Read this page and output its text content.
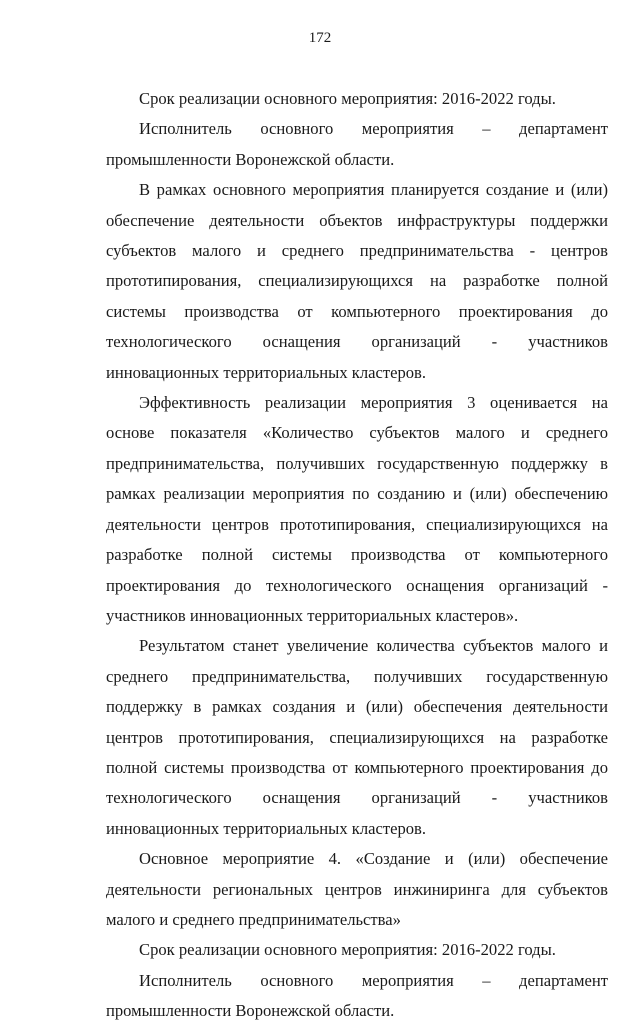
172

Срок реализации основного мероприятия: 2016-2022 годы.

Исполнитель основного мероприятия – департамент промышленности Воронежской области.

В рамках основного мероприятия планируется создание и (или) обеспечение деятельности объектов инфраструктуры поддержки субъектов малого и среднего предпринимательства - центров прототипирования, специализирующихся на разработке полной системы производства от компьютерного проектирования до технологического оснащения организаций - участников инновационных территориальных кластеров.

Эффективность реализации мероприятия 3 оценивается на основе показателя «Количество субъектов малого и среднего предпринимательства, получивших государственную поддержку в рамках реализации мероприятия по созданию и (или) обеспечению деятельности центров прототипирования, специализирующихся на разработке полной системы производства от компьютерного проектирования до технологического оснащения организаций - участников инновационных территориальных кластеров».

Результатом станет увеличение количества субъектов малого и среднего предпринимательства, получивших государственную поддержку в рамках создания и (или) обеспечения деятельности центров прототипирования, специализирующихся на разработке полной системы производства от компьютерного проектирования до технологического оснащения организаций - участников инновационных территориальных кластеров.

Основное мероприятие 4. «Создание и (или) обеспечение деятельности региональных центров инжиниринга для субъектов малого и среднего предпринимательства»

Срок реализации основного мероприятия: 2016-2022 годы.

Исполнитель основного мероприятия – департамент промышленности Воронежской области.
